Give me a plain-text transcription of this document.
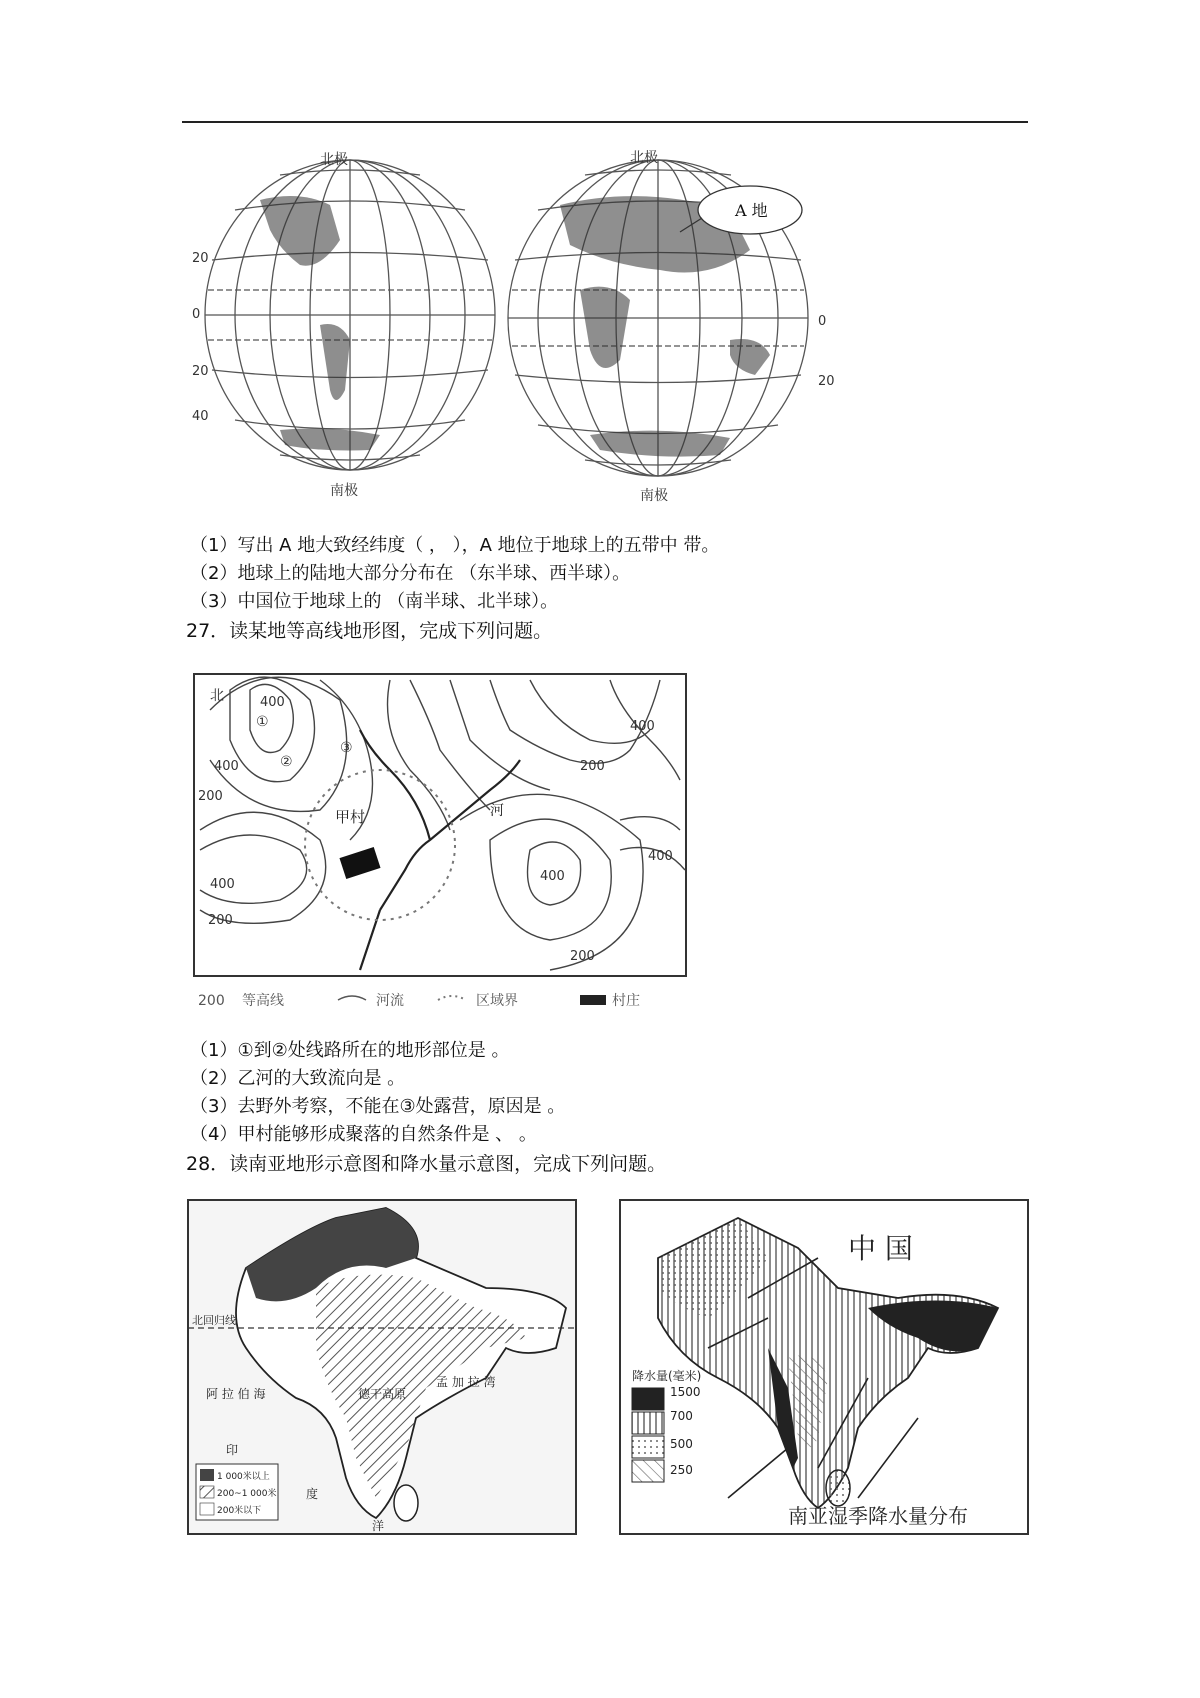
A 地
北极	北极
南极	南极
20
0
20
40
0
20
（1）写出 A 地大致经纬度（ ， ），A 地位于地球上的五带中 带。
（2）地球上的陆地大部分分布在 （东半球、西半球）。
（3）中国位于地球上的 （南半球、北半球）。
27．读某地等高线地形图，完成下列问题。
甲村	河
北
①
②
③
400
400
200
400
200
400
200
400
200
400
200 等高线	河流	区域界	村庄
（1）①到②处线路所在的地形部位是 。
（2）乙河的大致流向是 。
（3）去野外考察，不能在③处露营，原因是 。
（4）甲村能够形成聚落的自然条件是 、 。
28．读南亚地形示意图和降水量示意图，完成下列问题。
北回归线
阿 拉 伯 海
孟 加 拉 湾
德干高原
印
度
洋
1 000米以上
200~1 000米
200米以下
中 国
降水量(毫米)
1500
700
500
250
南亚湿季降水量分布
